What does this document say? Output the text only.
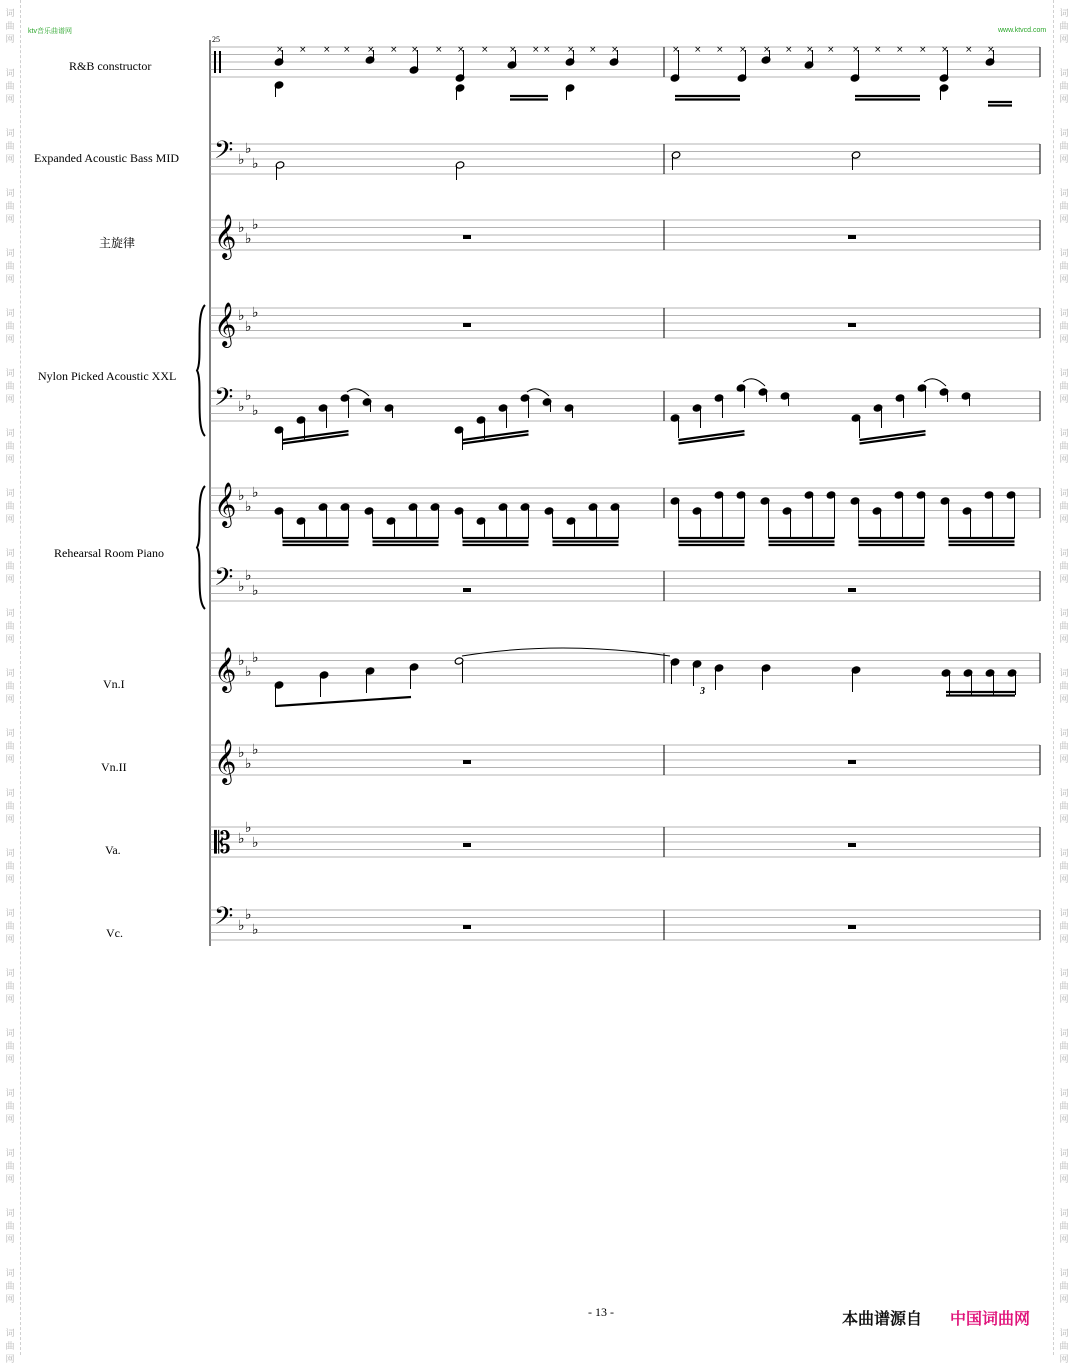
词
曲
网
词
曲
网
词
曲
网
词
曲
网
词
曲
网
词
曲
网
词
曲
网
词
曲
网
词
曲
网
词
曲
网
词
曲
网
词
曲
网
词
曲
网
词
曲
网
词
曲
网
词
曲
网
词
曲
网
词
曲
网
词
曲
网
词
曲
网
词
曲
网
词
曲
网
词
曲
网
词
曲
网
词
曲
网
词
曲
网
词
曲
网
词
曲
网
词
曲
网
词
曲
网
词
曲
网
词
曲
网
词
曲
网
词
曲
网
词
曲
网
词
曲
网
词
曲
网
词
曲
网
词
曲
网
词
曲
网
词
曲
网
词
曲
网
词
曲
网
词
曲
网
词
曲
网
词
曲
网
ktv音乐曲谱网	www.ktvcd.com
25
R&B constructor
Expanded Acoustic Bass MID
主旋律
Nylon Picked Acoustic XXL
Rehearsal Room Piano
Vn.I
Vn.II
Va.
Vc.
𝄢 ♭
♭
♭
𝄞 ♭
♭
♭
𝄞 ♭
♭
♭
𝄢 ♭
♭
♭
𝄞 ♭
♭
♭
𝄢 ♭
♭
♭
𝄞 ♭
♭
♭
𝄞 ♭
♭
♭
𝄡 ♭
♭
♭
𝄢 ♭
♭
♭
× × × × × × × × × × × × × × × ×	× × × × × × × × × × × × × × ×
3
- 13 -	本曲谱源自 中国词曲网
